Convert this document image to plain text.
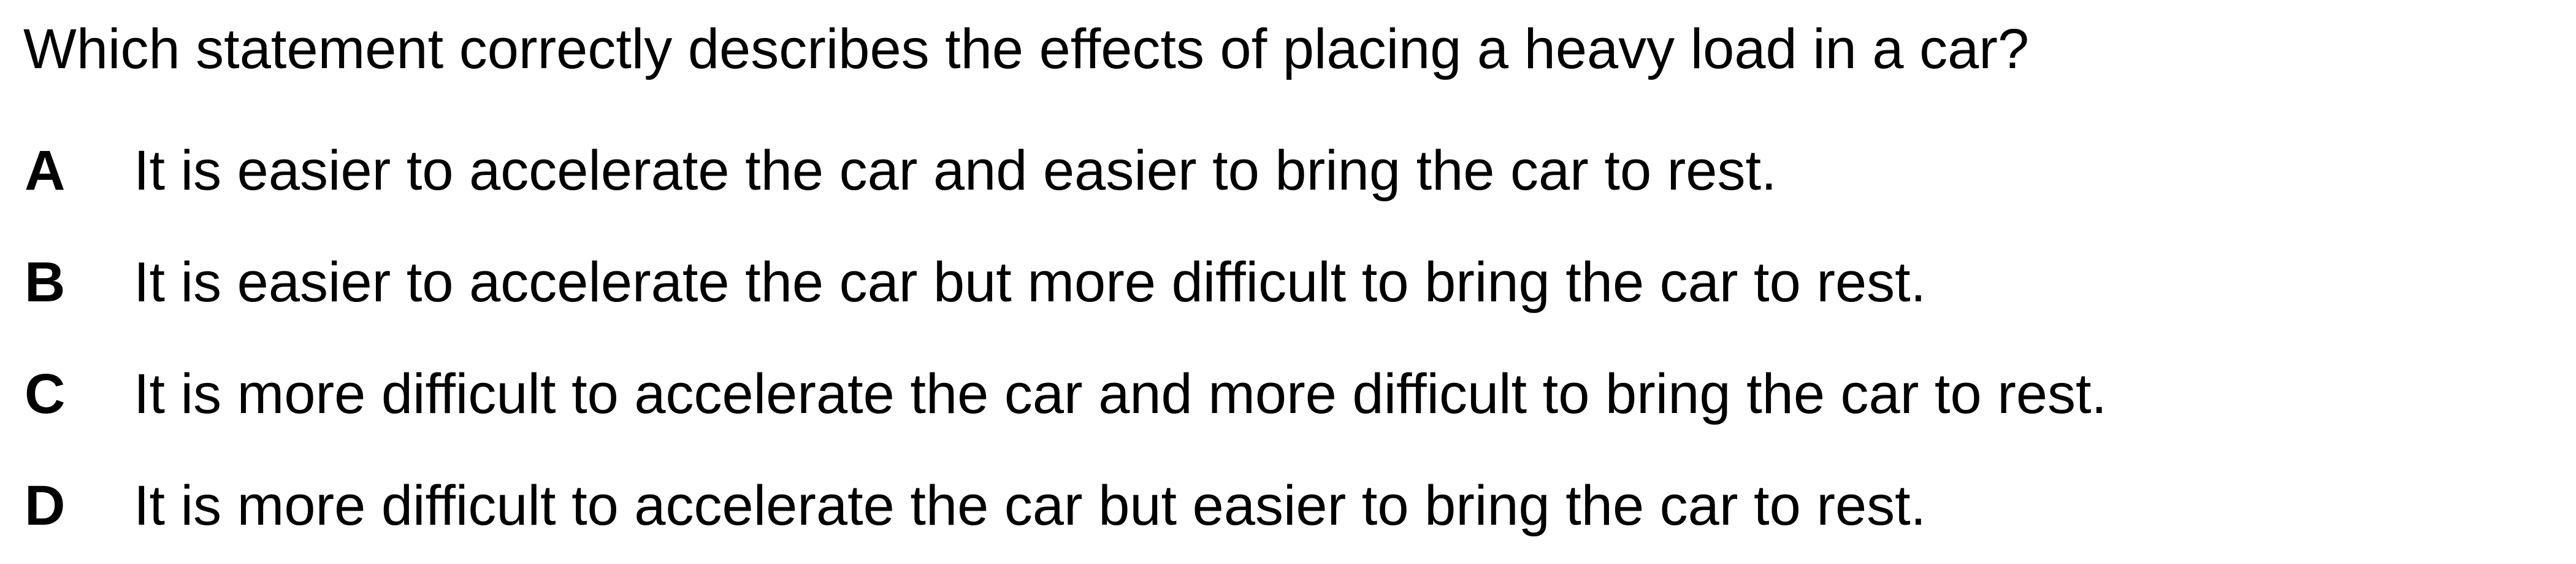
Which statement correctly describes the effects of placing a heavy load in a car?

A It is easier to accelerate the car and easier to bring the car to rest.
B It is easier to accelerate the car but more difficult to bring the car to rest.
C It is more difficult to accelerate the car and more difficult to bring the car to rest.
D It is more difficult to accelerate the car but easier to bring the car to rest.
